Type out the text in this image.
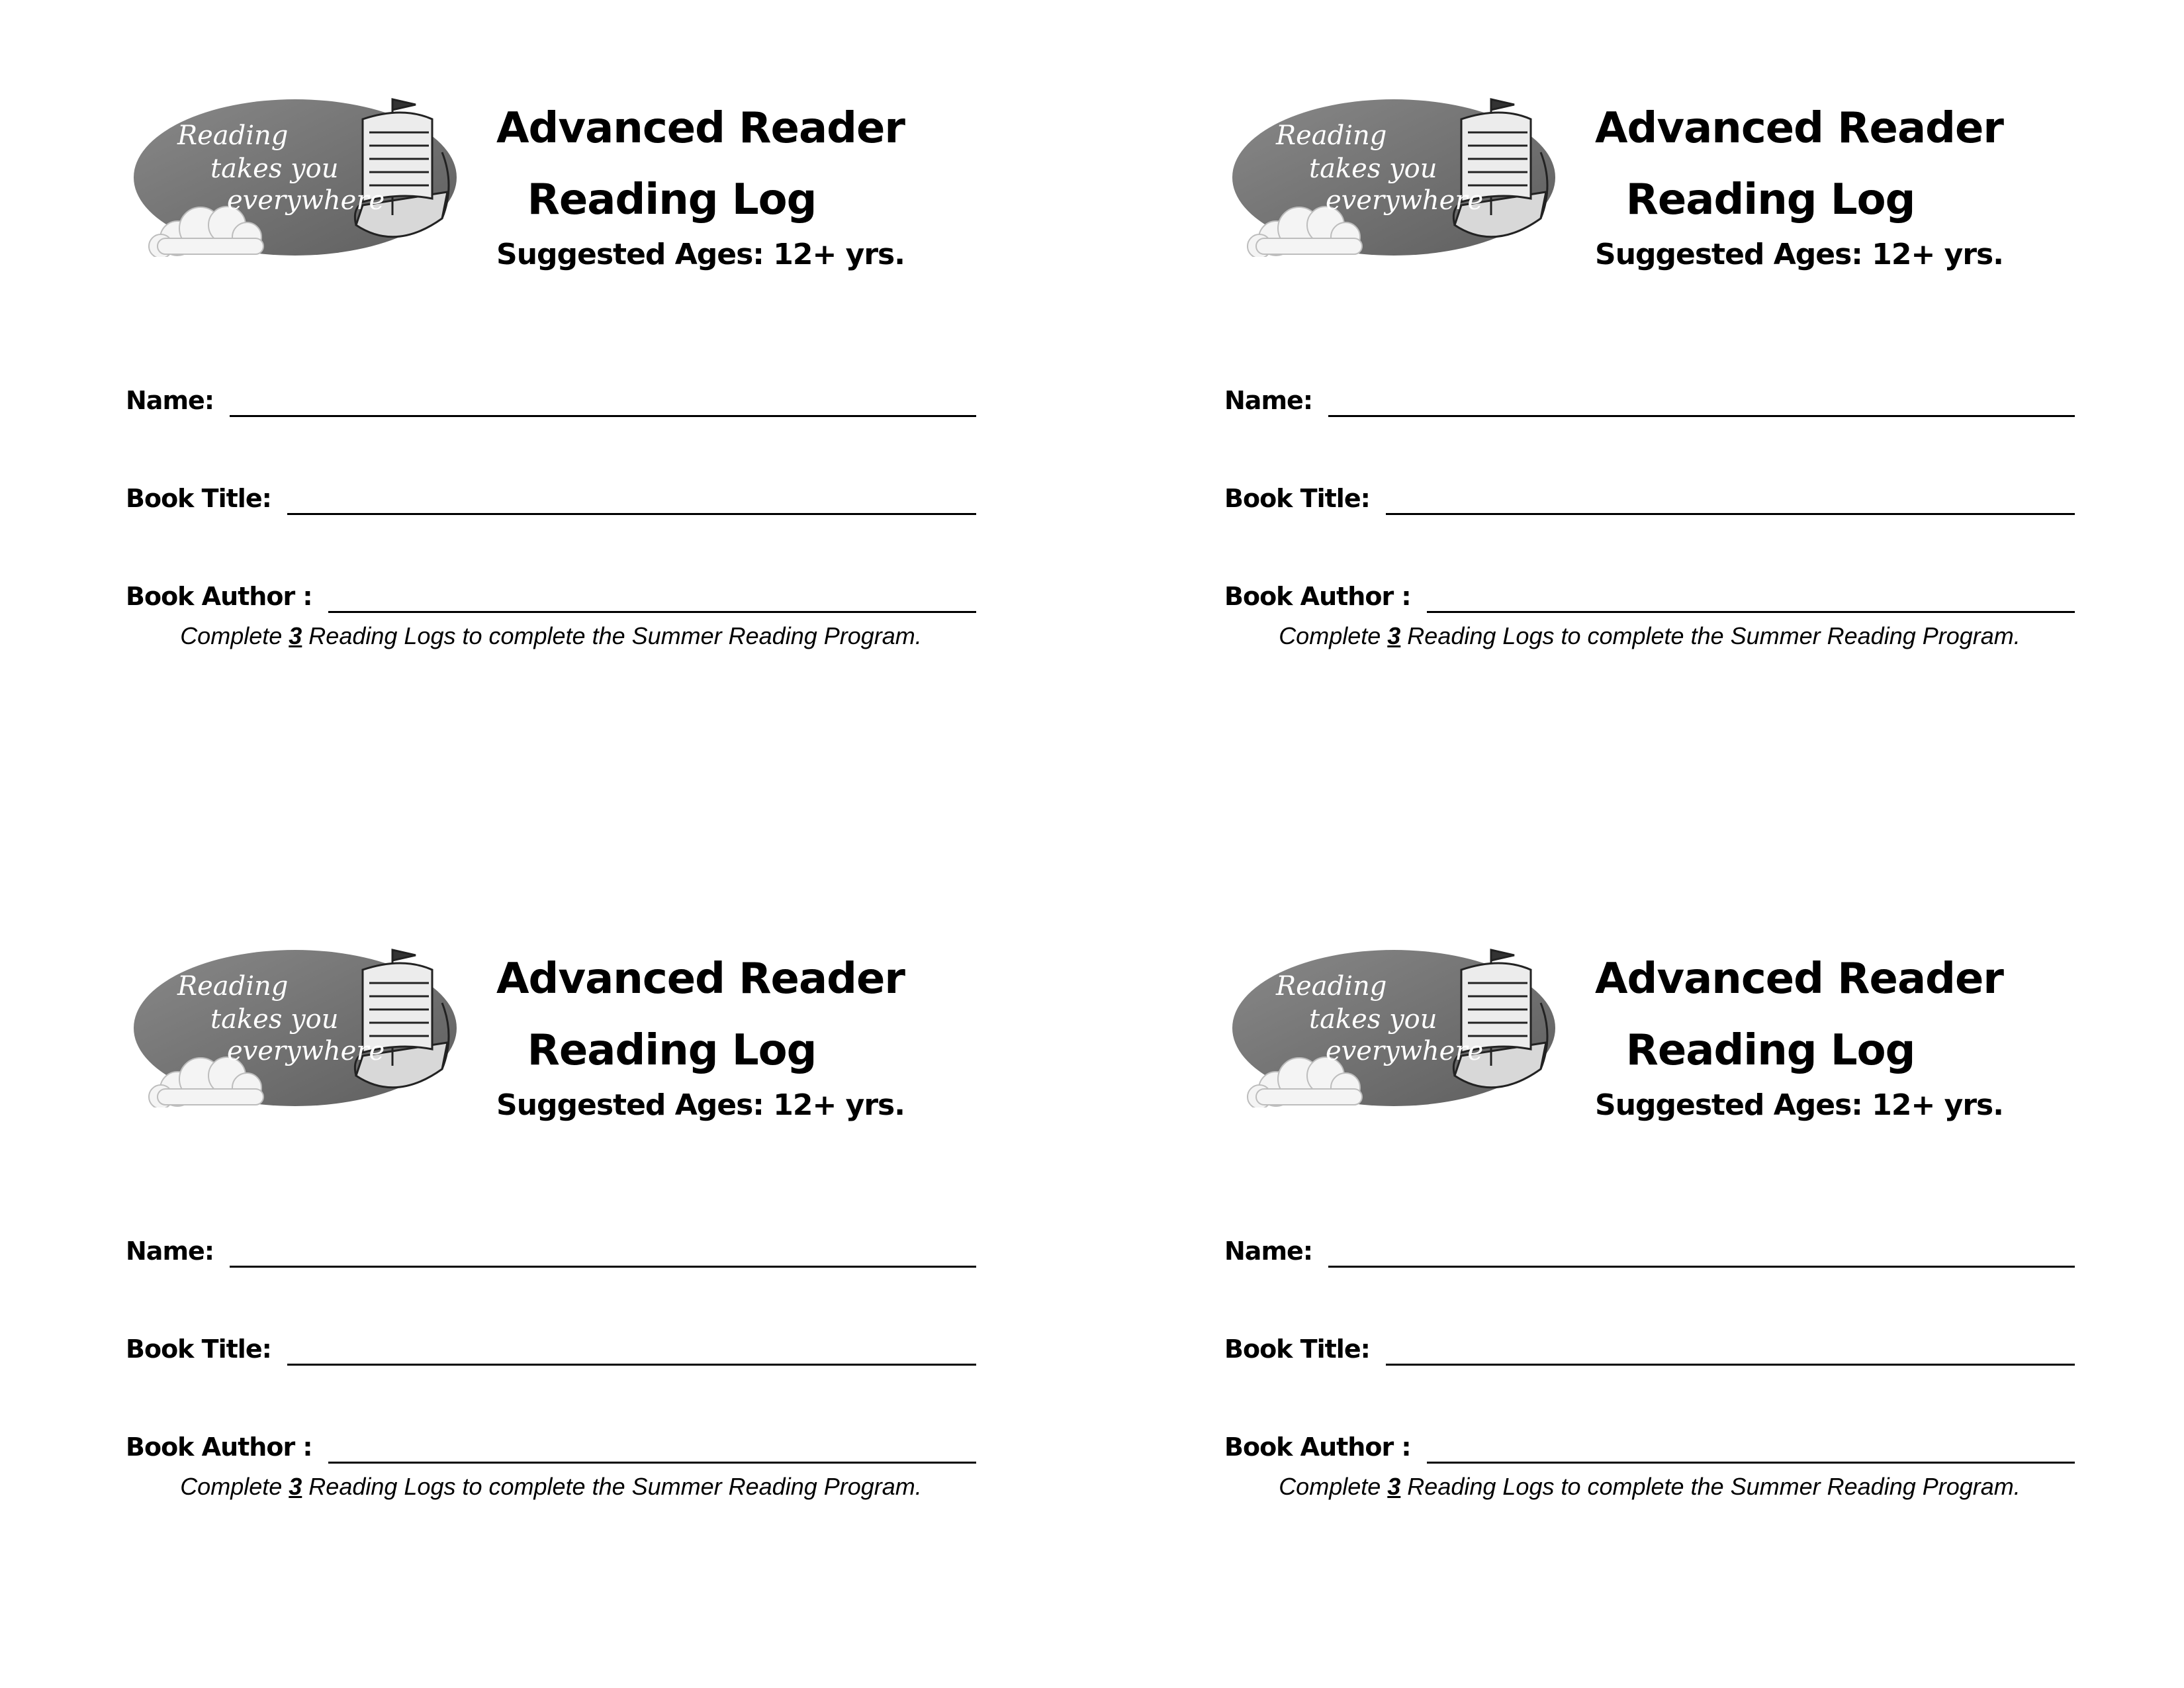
Reading
takes you
everywhere
Advanced Reader
Reading Log
Suggested Ages: 12+ yrs.
Name:
Book Title:
Book Author :
Complete 3 Reading Logs to complete the Summer Reading Program.
Reading
takes you
everywhere
Advanced Reader
Reading Log
Suggested Ages: 12+ yrs.
Name:
Book Title:
Book Author :
Complete 3 Reading Logs to complete the Summer Reading Program.
Reading
takes you
everywhere
Advanced Reader
Reading Log
Suggested Ages: 12+ yrs.
Name:
Book Title:
Book Author :
Complete 3 Reading Logs to complete the Summer Reading Program.
Reading
takes you
everywhere
Advanced Reader
Reading Log
Suggested Ages: 12+ yrs.
Name:
Book Title:
Book Author :
Complete 3 Reading Logs to complete the Summer Reading Program.
